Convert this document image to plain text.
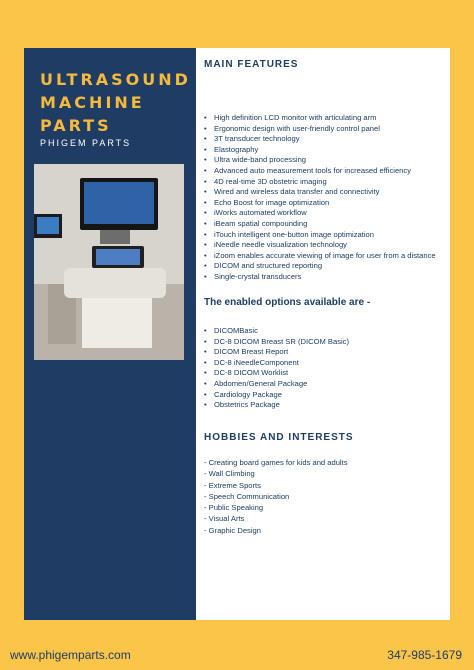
ULTRASOUND
MACHINE
PARTS
PHIGEM PARTS
MAIN FEATURES
• High definition LCD monitor with articulating arm
• Ergonomic design with user-friendly control panel
• 3T transducer technology
• Elastography
• Ultra wide-band processing
• Advanced auto measurement tools for increased efficiency
• 4D real-time 3D obstetric imaging
• Wired and wireless data transfer and connectivity
• Echo Boost for image optimization
• iWorks automated workflow
• iBeam spatial compounding
• iTouch intelligent one-button image optimization
• iNeedle needle visualization technology
• iZoom enables accurate viewing of image for user from a distance
• DICOM and structured reporting
• Single-crystal transducers
The enabled options available are -
• DICOMBasic
• DC-8 DICOM Breast SR (DICOM Basic)
• DICOM Breast Report
• DC-8 iNeedleComponent
• DC-8 DICOM Worklist
• Abdomen/General Package
• Cardiology Package
• Obstetrics Package
HOBBIES AND INTERESTS
- Creating board games for kids and adults
- Wall Climbing
- Extreme Sports
- Speech Communication
- Public Speaking
- Visual Arts
- Graphic Design
www.phigemparts.com	347-985-1679
